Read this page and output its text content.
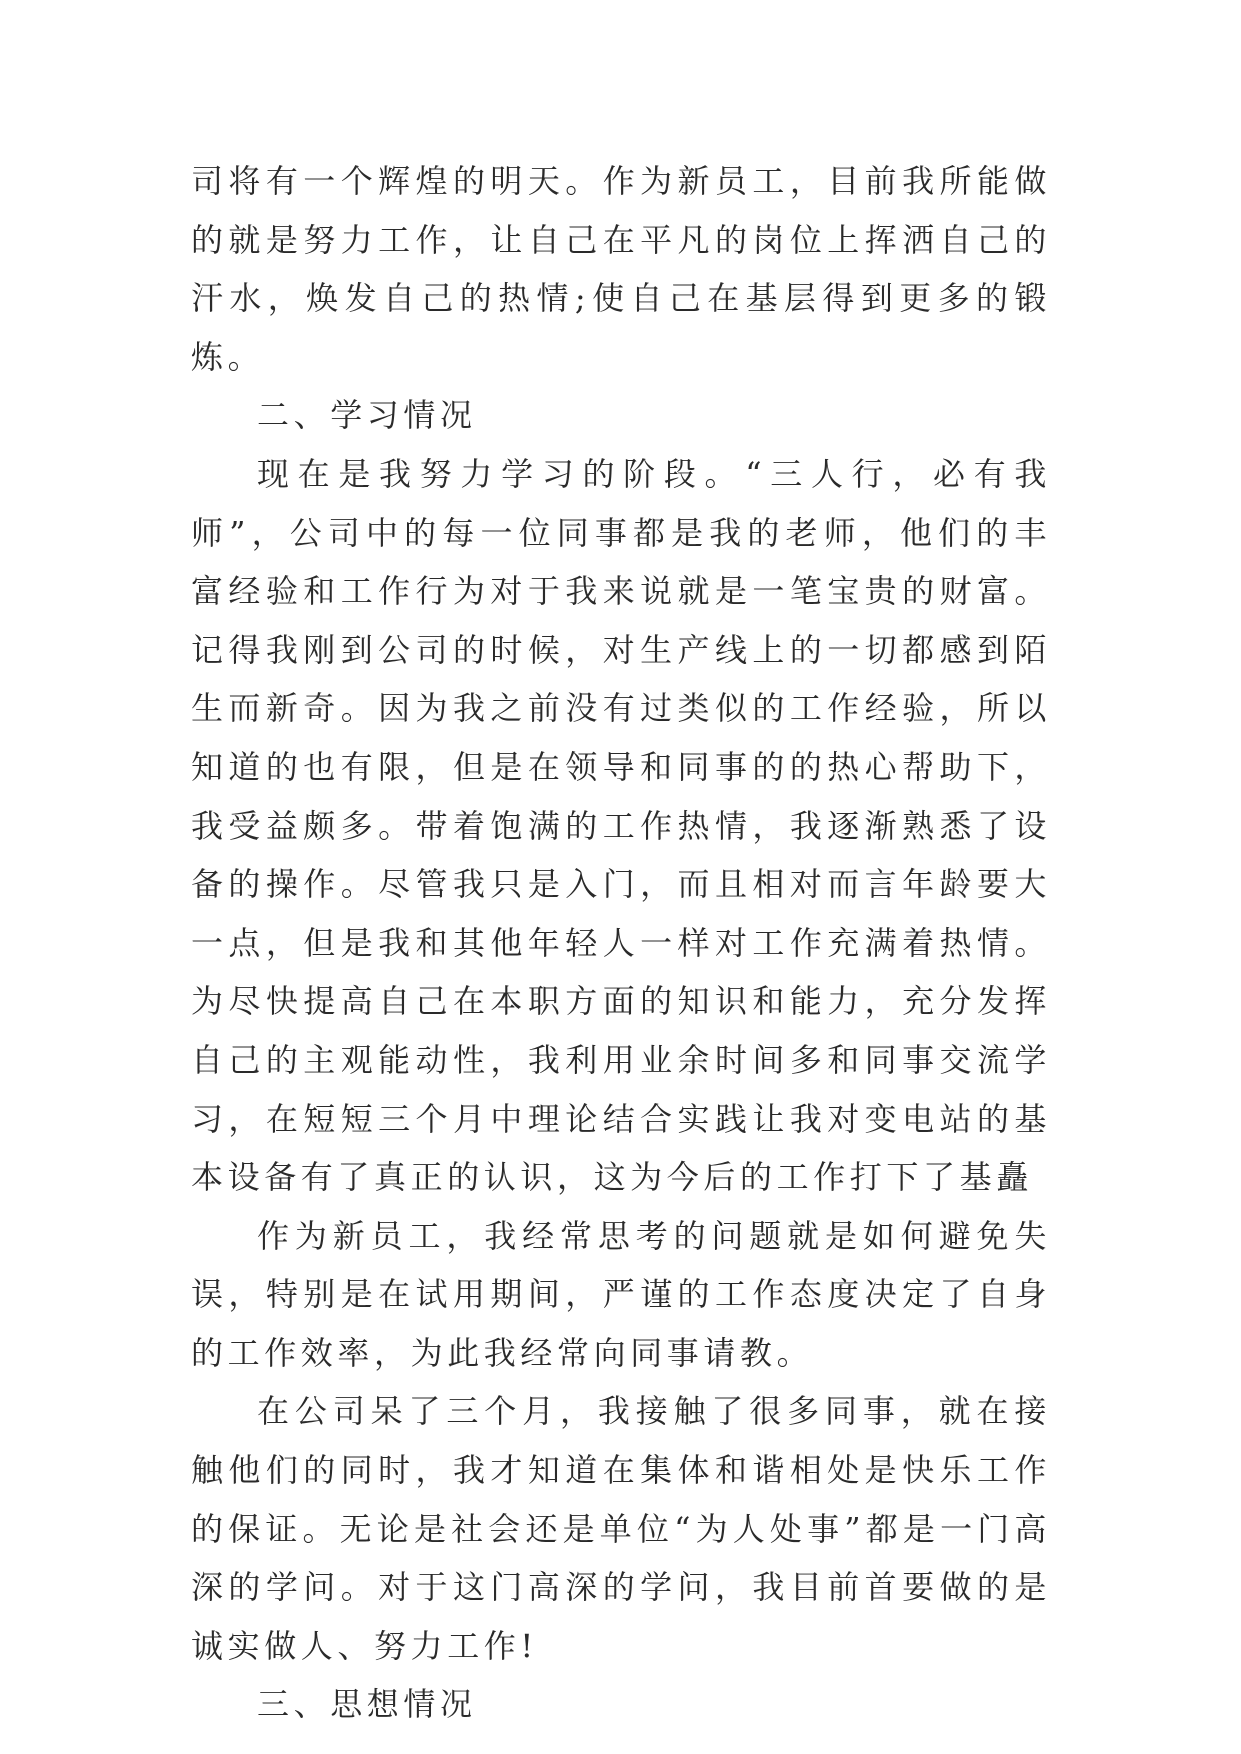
司将有一个辉煌的明天。作为新员工，目前我所能做的就是努力工作，让自己在平凡的岗位上挥洒自己的汗水，焕发自己的热情;使自己在基层得到更多的锻炼。

二、学习情况

现在是我努力学习的阶段。“三人行，必有我师”，公司中的每一位同事都是我的老师，他们的丰富经验和工作行为对于我来说就是一笔宝贵的财富。记得我刚到公司的时候，对生产线上的一切都感到陌生而新奇。因为我之前没有过类似的工作经验，所以知道的也有限，但是在领导和同事的的热心帮助下，我受益颇多。带着饱满的工作热情，我逐渐熟悉了设备的操作。尽管我只是入门，而且相对而言年龄要大一点，但是我和其他年轻人一样对工作充满着热情。为尽快提高自己在本职方面的知识和能力，充分发挥自己的主观能动性，我利用业余时间多和同事交流学习，在短短三个月中理论结合实践让我对变电站的基本设备有了真正的认识，这为今后的工作打下了基矗

作为新员工，我经常思考的问题就是如何避免失误，特别是在试用期间，严谨的工作态度决定了自身的工作效率，为此我经常向同事请教。

在公司呆了三个月，我接触了很多同事，就在接触他们的同时，我才知道在集体和谐相处是快乐工作的保证。无论是社会还是单位“为人处事”都是一门高深的学问。对于这门高深的学问，我目前首要做的是诚实做人、努力工作!

三、思想情况
